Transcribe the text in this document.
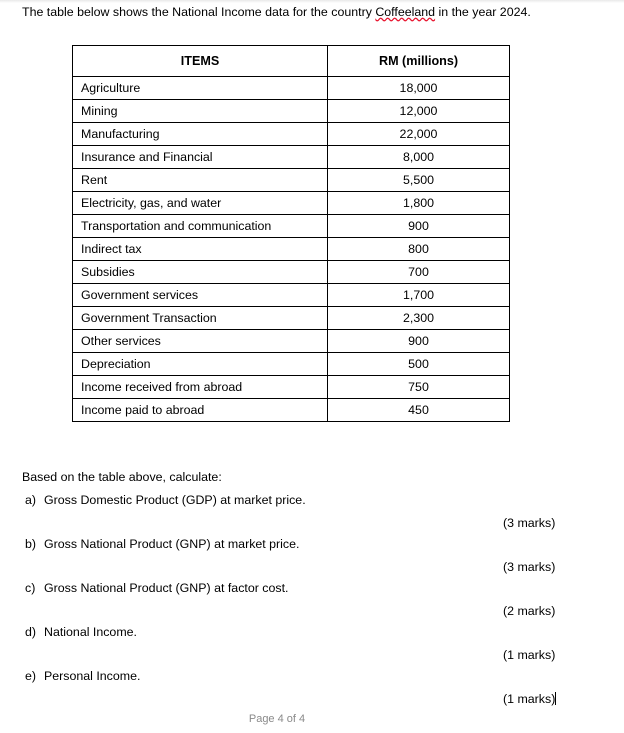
The table below shows the National Income data for the country Coffeeland in the year 2024.
ITEMS	RM (millions)
Agriculture	18,000
Mining	12,000
Manufacturing	22,000
Insurance and Financial	8,000
Rent	5,500
Electricity, gas, and water	1,800
Transportation and communication	900
Indirect tax	800
Subsidies	700
Government services	1,700
Government Transaction	2,300
Other services	900
Depreciation	500
Income received from abroad	750
Income paid to abroad	450
Based on the table above, calculate:
a) Gross Domestic Product (GDP) at market price.
(3 marks)
b) Gross National Product (GNP) at market price.
(3 marks)
c) Gross National Product (GNP) at factor cost.
(2 marks)
d) National Income.
(1 marks)
e) Personal Income.
(1 marks)
Page 4 of 4
